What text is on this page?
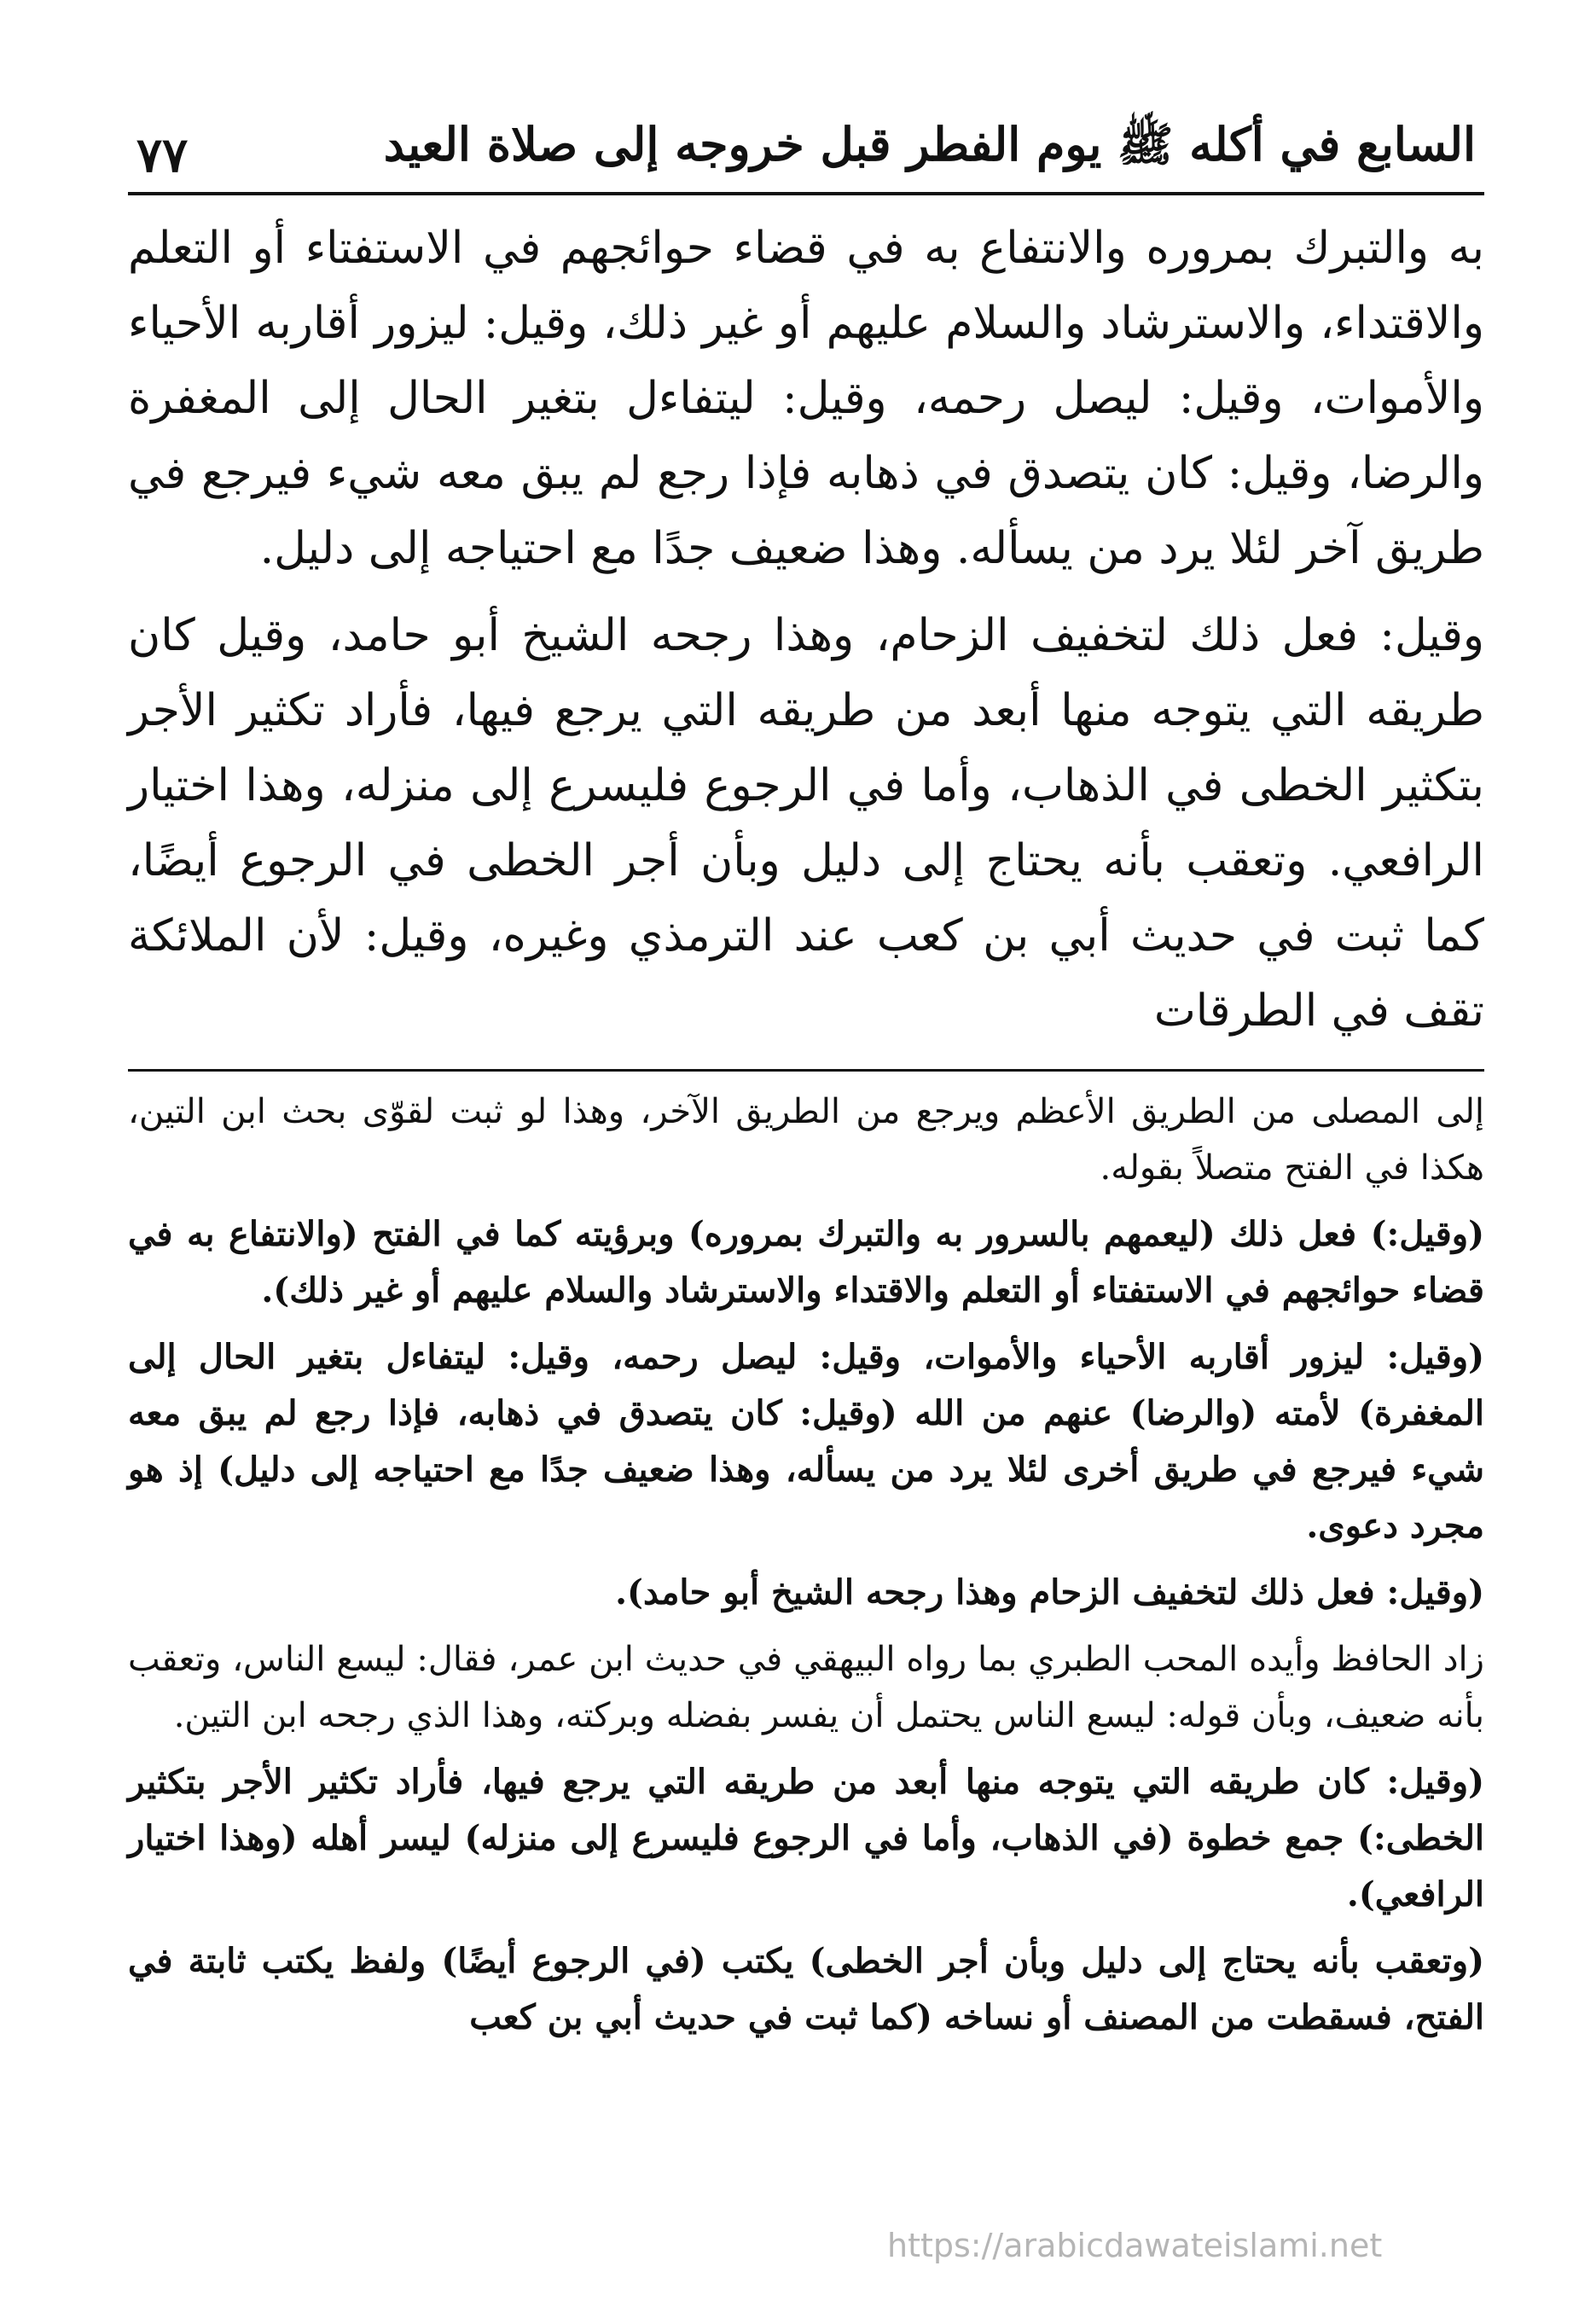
السابع في أكله ﷺ يوم الفطر قبل خروجه إلى صلاة العيد
٧٧

به والتبرك بمروره والانتفاع به في قضاء حوائجهم في الاستفتاء أو التعلم والاقتداء، والاسترشاد والسلام عليهم أو غير ذلك، وقيل: ليزور أقاربه الأحياء والأموات، وقيل: ليصل رحمه، وقيل: ليتفاءل بتغير الحال إلى المغفرة والرضا، وقيل: كان يتصدق في ذهابه فإذا رجع لم يبق معه شيء فيرجع في طريق آخر لئلا يرد من يسأله. وهذا ضعيف جدًا مع احتياجه إلى دليل.

وقيل: فعل ذلك لتخفيف الزحام، وهذا رجحه الشيخ أبو حامد، وقيل كان طريقه التي يتوجه منها أبعد من طريقه التي يرجع فيها، فأراد تكثير الأجر بتكثير الخطى في الذهاب، وأما في الرجوع فليسرع إلى منزله، وهذا اختيار الرافعي. وتعقب بأنه يحتاج إلى دليل وبأن أجر الخطى في الرجوع أيضًا، كما ثبت في حديث أبي بن كعب عند الترمذي وغيره، وقيل: لأن الملائكة تقف في الطرقات

إلى المصلى من الطريق الأعظم ويرجع من الطريق الآخر، وهذا لو ثبت لقوّى بحث ابن التين، هكذا في الفتح متصلاً بقوله.

(وقيل:) فعل ذلك (ليعمهم بالسرور به والتبرك بمروره) وبرؤيته كما في الفتح (والانتفاع به في قضاء حوائجهم في الاستفتاء أو التعلم والاقتداء والاسترشاد والسلام عليهم أو غير ذلك).

(وقيل: ليزور أقاربه الأحياء والأموات، وقيل: ليصل رحمه، وقيل: ليتفاءل بتغير الحال إلى المغفرة) لأمته (والرضا) عنهم من الله (وقيل: كان يتصدق في ذهابه، فإذا رجع لم يبق معه شيء فيرجع في طريق أخرى لئلا يرد من يسأله، وهذا ضعيف جدًا مع احتياجه إلى دليل) إذ هو مجرد دعوى.

(وقيل: فعل ذلك لتخفيف الزحام وهذا رجحه الشيخ أبو حامد).

زاد الحافظ وأيده المحب الطبري بما رواه البيهقي في حديث ابن عمر، فقال: ليسع الناس، وتعقب بأنه ضعيف، وبأن قوله: ليسع الناس يحتمل أن يفسر بفضله وبركته، وهذا الذي رجحه ابن التين.

(وقيل: كان طريقه التي يتوجه منها أبعد من طريقه التي يرجع فيها، فأراد تكثير الأجر بتكثير الخطى:) جمع خطوة (في الذهاب، وأما في الرجوع فليسرع إلى منزله) ليسر أهله (وهذا اختيار الرافعي).

(وتعقب بأنه يحتاج إلى دليل وبأن أجر الخطى) يكتب (في الرجوع أيضًا) ولفظ يكتب ثابتة في الفتح، فسقطت من المصنف أو نساخه (كما ثبت في حديث أبي بن كعب

https://arabicdawateislami.net
